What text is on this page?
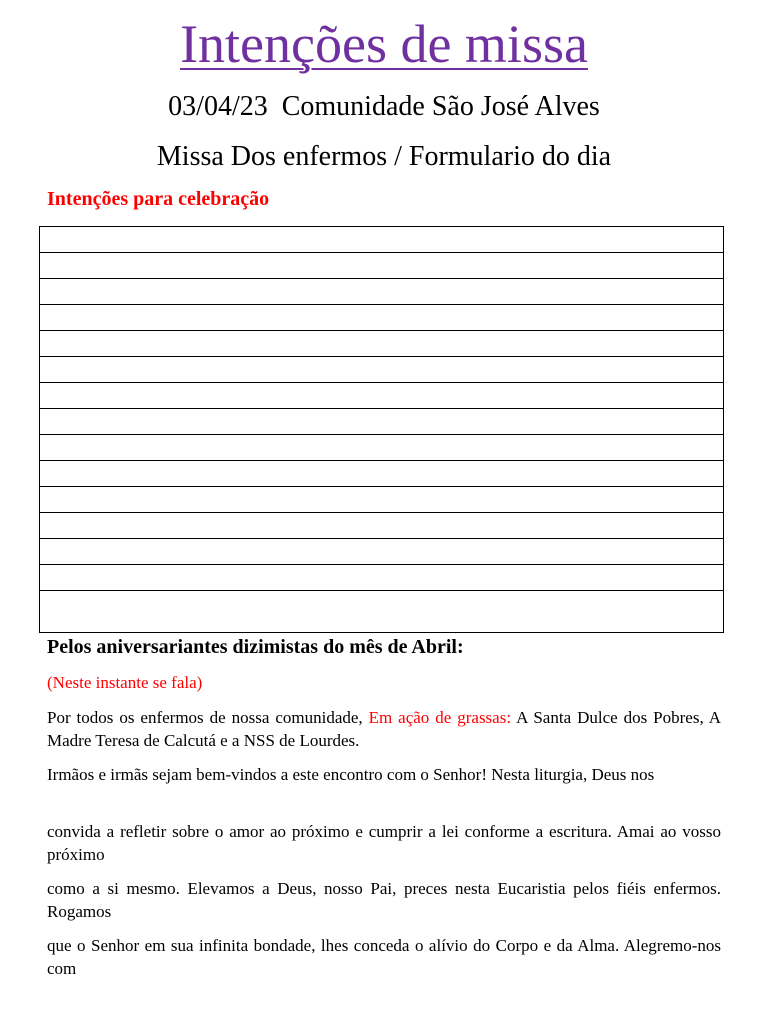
Intenções de missa
03/04/23  Comunidade São José Alves
Missa Dos enfermos / Formulario do dia
Intenções para celebração
Pelos aniversariantes dizimistas do mês de Abril:
(Neste instante se fala)
Por todos os enfermos de nossa comunidade, Em ação de grassas: A Santa Dulce dos Pobres, A Madre Teresa de Calcutá e a NSS de Lourdes.
Irmãos e irmãs sejam bem-vindos a este encontro com o Senhor! Nesta liturgia, Deus nos
convida a refletir sobre o amor ao próximo e cumprir a lei conforme a escritura. Amai ao vosso próximo
como a si mesmo. Elevamos a Deus, nosso Pai, preces nesta Eucaristia pelos fiéis enfermos. Rogamos
que o Senhor em sua infinita bondade, lhes conceda o alívio do Corpo e da Alma. Alegremo-nos com
